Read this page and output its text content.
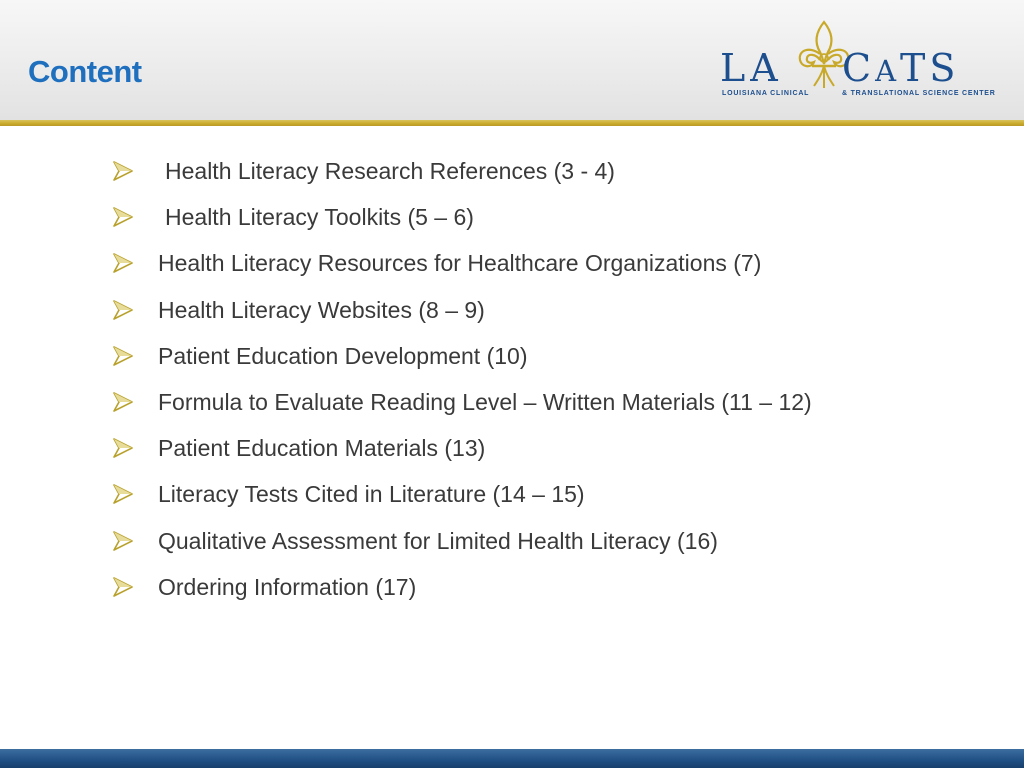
Content	LA CATS
LOUISIANA CLINICAL	& TRANSLATIONAL SCIENCE CENTER
Health Literacy Research References (3 - 4)
Health Literacy Toolkits (5 – 6)
Health Literacy Resources for Healthcare Organizations (7)
Health Literacy Websites (8 – 9)
Patient Education Development (10)
Formula to Evaluate Reading Level – Written Materials (11 – 12)
Patient Education Materials (13)
Literacy Tests Cited in Literature (14 – 15)
Qualitative Assessment for Limited Health Literacy (16)
Ordering Information (17)
